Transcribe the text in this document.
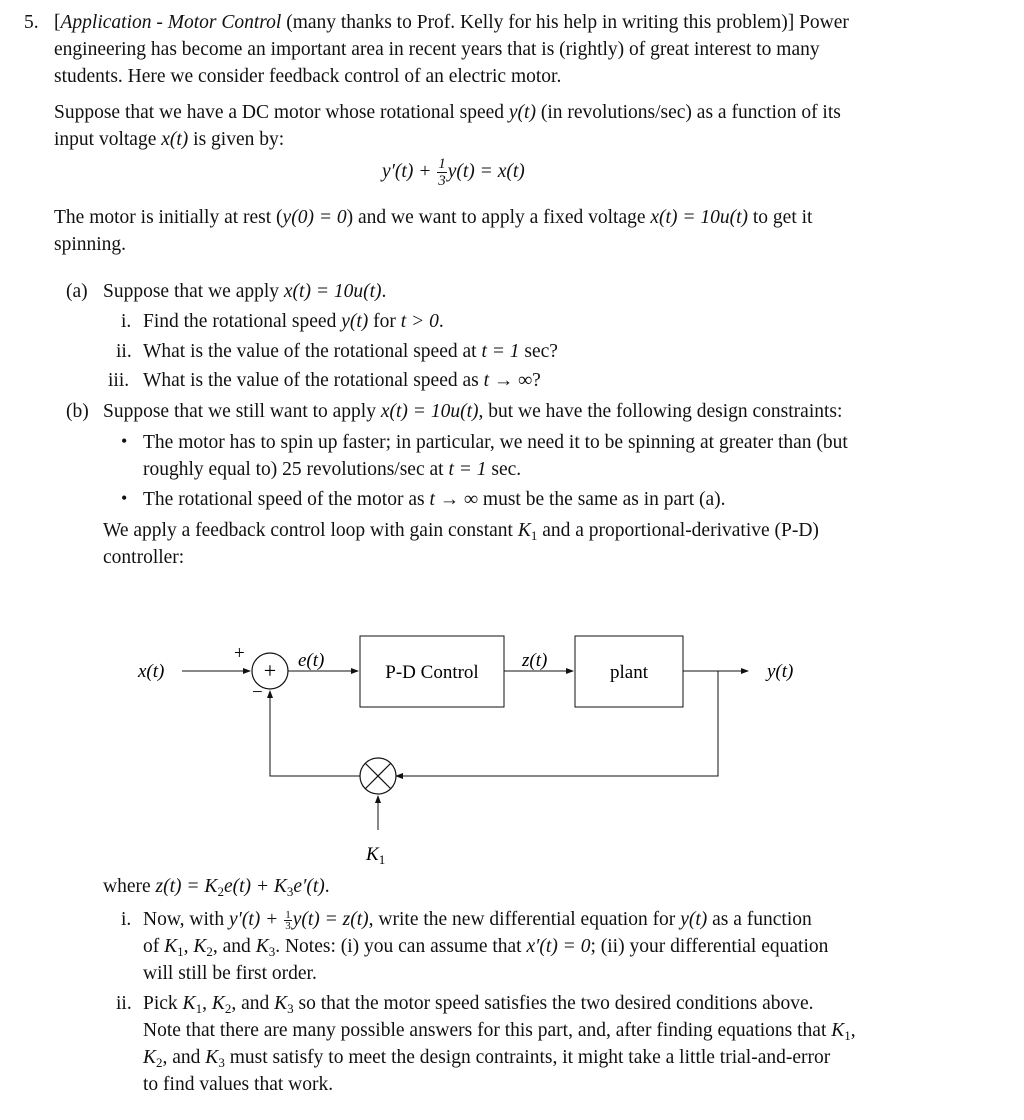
5. [Application - Motor Control (many thanks to Prof. Kelly for his help in writing this problem)] Power
engineering has become an important area in recent years that is (rightly) of great interest to many
students. Here we consider feedback control of an electric motor.
Suppose that we have a DC motor whose rotational speed y(t) (in revolutions/sec) as a function of its
input voltage x(t) is given by:
$y'(t) + \frac{1}{3} y(t) = x(t)$
The motor is initially at rest (y(0) = 0) and we want to apply a fixed voltage x(t) = 10u(t) to get it
spinning.
(a) Suppose that we apply x(t) = 10u(t).
i. Find the rotational speed y(t) for t > 0.
ii. What is the value of the rotational speed at t = 1 sec?
iii. What is the value of the rotational speed as t → ∞?
(b) Suppose that we still want to apply x(t) = 10u(t), but we have the following design constraints:
• The motor has to spin up faster; in particular, we need it to be spinning at greater than (but
roughly equal to) 25 revolutions/sec at t = 1 sec.
• The rotational speed of the motor as t → ∞ must be the same as in part (a).
We apply a feedback control loop with gain constant $K_1$ and a proportional-derivative (P-D)
controller:
x(t)
+
−
+ e(t)
P-D Control
z(t)
plant	y(t)
$K_1$
where $z(t) = K_2e(t) + K_3e'(t)$.
i. Now, with $y'(t) + \frac{1}{3} y(t) = z(t)$, write the new differential equation for y(t) as a function
of $K_1$, $K_2$, and $K_3$. Notes: (i) you can assume that x′(t) = 0; (ii) your differential equation
will still be first order.
ii. Pick $K_1$, $K_2$, and $K_3$ so that the motor speed satisfies the two desired conditions above.
Note that there are many possible answers for this part, and, after finding equations that $K_1$,
$K_2$, and $K_3$ must satisfy to meet the design contraints, it might take a little trial-and-error
to find values that work.
